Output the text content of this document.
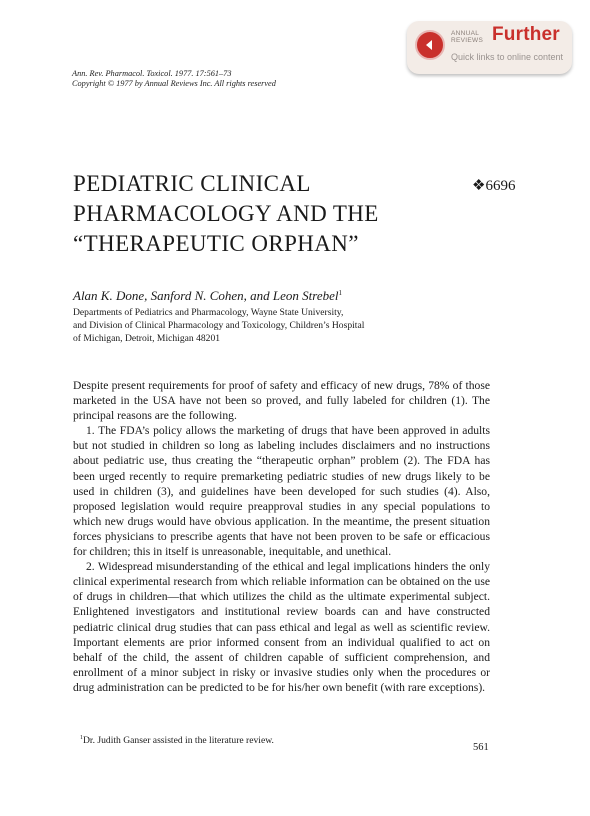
ANNUAL
REVIEWS Further
Quick links to online content
Ann. Rev. Pharmacol. Toxicol. 1977. 17:561–73
Copyright © 1977 by Annual Reviews Inc. All rights reserved
PEDIATRIC CLINICAL
PHARMACOLOGY AND THE
“THERAPEUTIC ORPHAN”
❖6696
Alan K. Done, Sanford N. Cohen, and Leon Strebel$^1$
Departments of Pediatrics and Pharmacology, Wayne State University,
and Division of Clinical Pharmacology and Toxicology, Children’s Hospital
of Michigan, Detroit, Michigan 48201

Despite present requirements for proof of safety and efficacy of new drugs, 78% of those marketed in the USA have not been so proved, and fully labeled for children (1). The principal reasons are the following.

1. The FDA’s policy allows the marketing of drugs that have been approved in adults but not studied in children so long as labeling includes disclaimers and no instructions about pediatric use, thus creating the “therapeutic orphan” problem (2). The FDA has been urged recently to require premarketing pediatric studies of new drugs likely to be used in children (3), and guidelines have been developed for such studies (4). Also, proposed legislation would require preapproval studies in any special populations to which new drugs would have obvious application. In the meantime, the present situation forces physicians to prescribe agents that have not been proven to be safe or efficacious for children; this in itself is unreasonable, inequitable, and unethical.

2. Widespread misunderstanding of the ethical and legal implications hinders the only clinical experimental research from which reliable information can be obtained on the use of drugs in children—that which utilizes the child as the ultimate experimental subject. Enlightened investigators and institutional review boards can and have constructed pediatric clinical drug studies that can pass ethical and legal as well as scientific review. Important elements are prior informed consent from an individual qualified to act on behalf of the child, the assent of children capable of sufficient comprehension, and enrollment of a minor subject in risky or invasive studies only when the procedures or drug administration can be predicted to be for his/her own benefit (with rare exceptions).

$^1$Dr. Judith Ganser assisted in the literature review.
561
